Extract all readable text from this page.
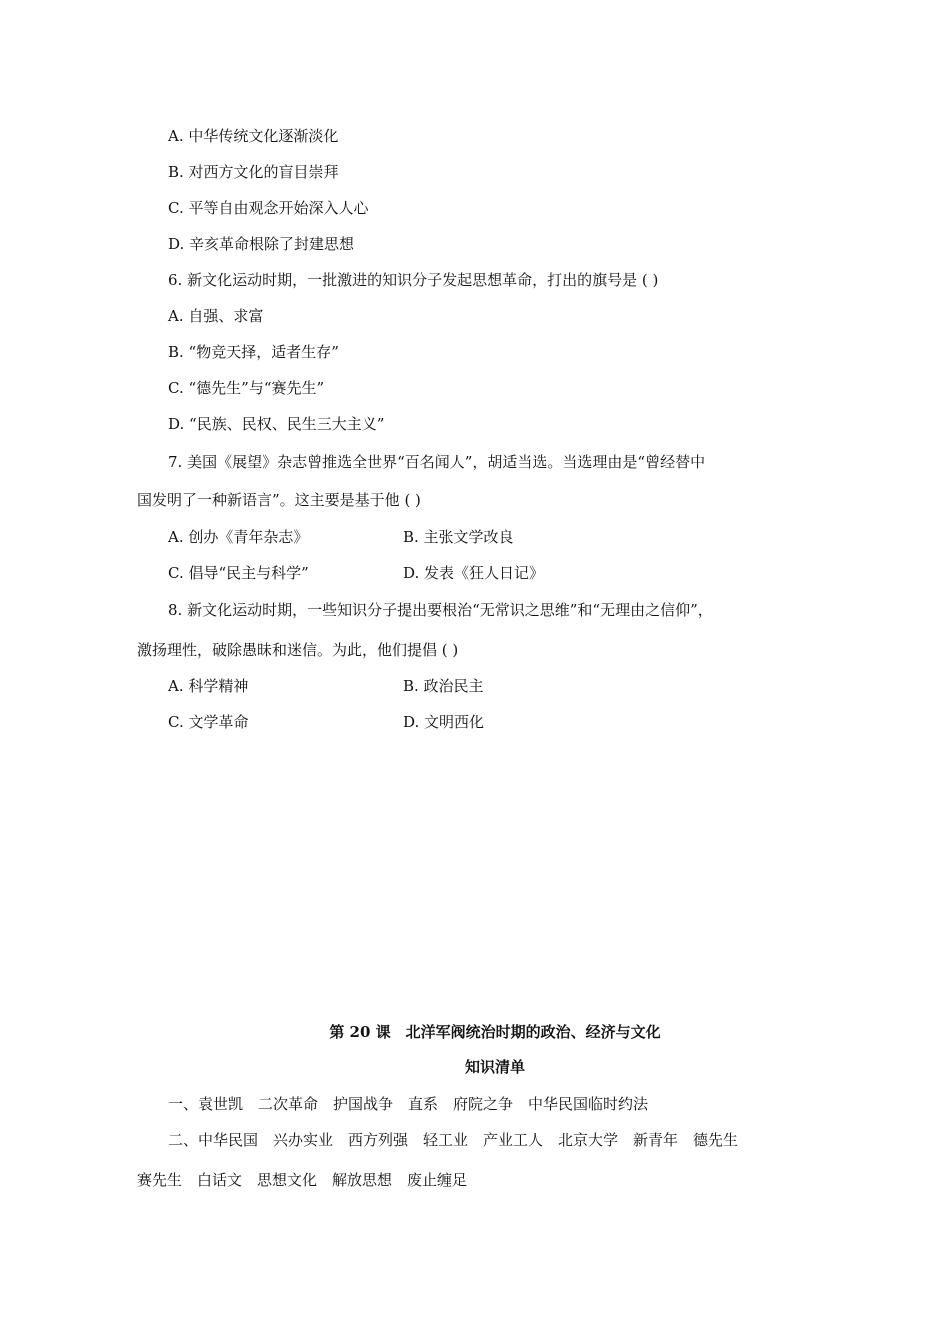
A. 中华传统文化逐渐淡化
B. 对西方文化的盲目崇拜
C. 平等自由观念开始深入人心
D. 辛亥革命根除了封建思想
6. 新文化运动时期，一批激进的知识分子发起思想革命，打出的旗号是 ( )
A. 自强、求富
B. “物竞天择，适者生存”
C. “德先生”与“赛先生”
D. “民族、民权、民生三大主义”
7. 美国《展望》杂志曾推选全世界“百名闻人”，胡适当选。当选理由是“曾经替中
国发明了一种新语言”。这主要是基于他 ( )
A. 创办《青年杂志》	B. 主张文学改良
C. 倡导“民主与科学”	D. 发表《狂人日记》
8. 新文化运动时期，一些知识分子提出要根治“无常识之思维”和“无理由之信仰”，
激扬理性，破除愚昧和迷信。为此，他们提倡 ( )
A. 科学精神	B. 政治民主
C. 文学革命	D. 文明西化
第 20 课　北洋军阀统治时期的政治、经济与文化
知识清单
一、袁世凯　二次革命　护国战争　直系　府院之争　中华民国临时约法
二、中华民国　兴办实业　西方列强　轻工业　产业工人　北京大学　新青年　德先生
赛先生　白话文　思想文化　解放思想　废止缠足
